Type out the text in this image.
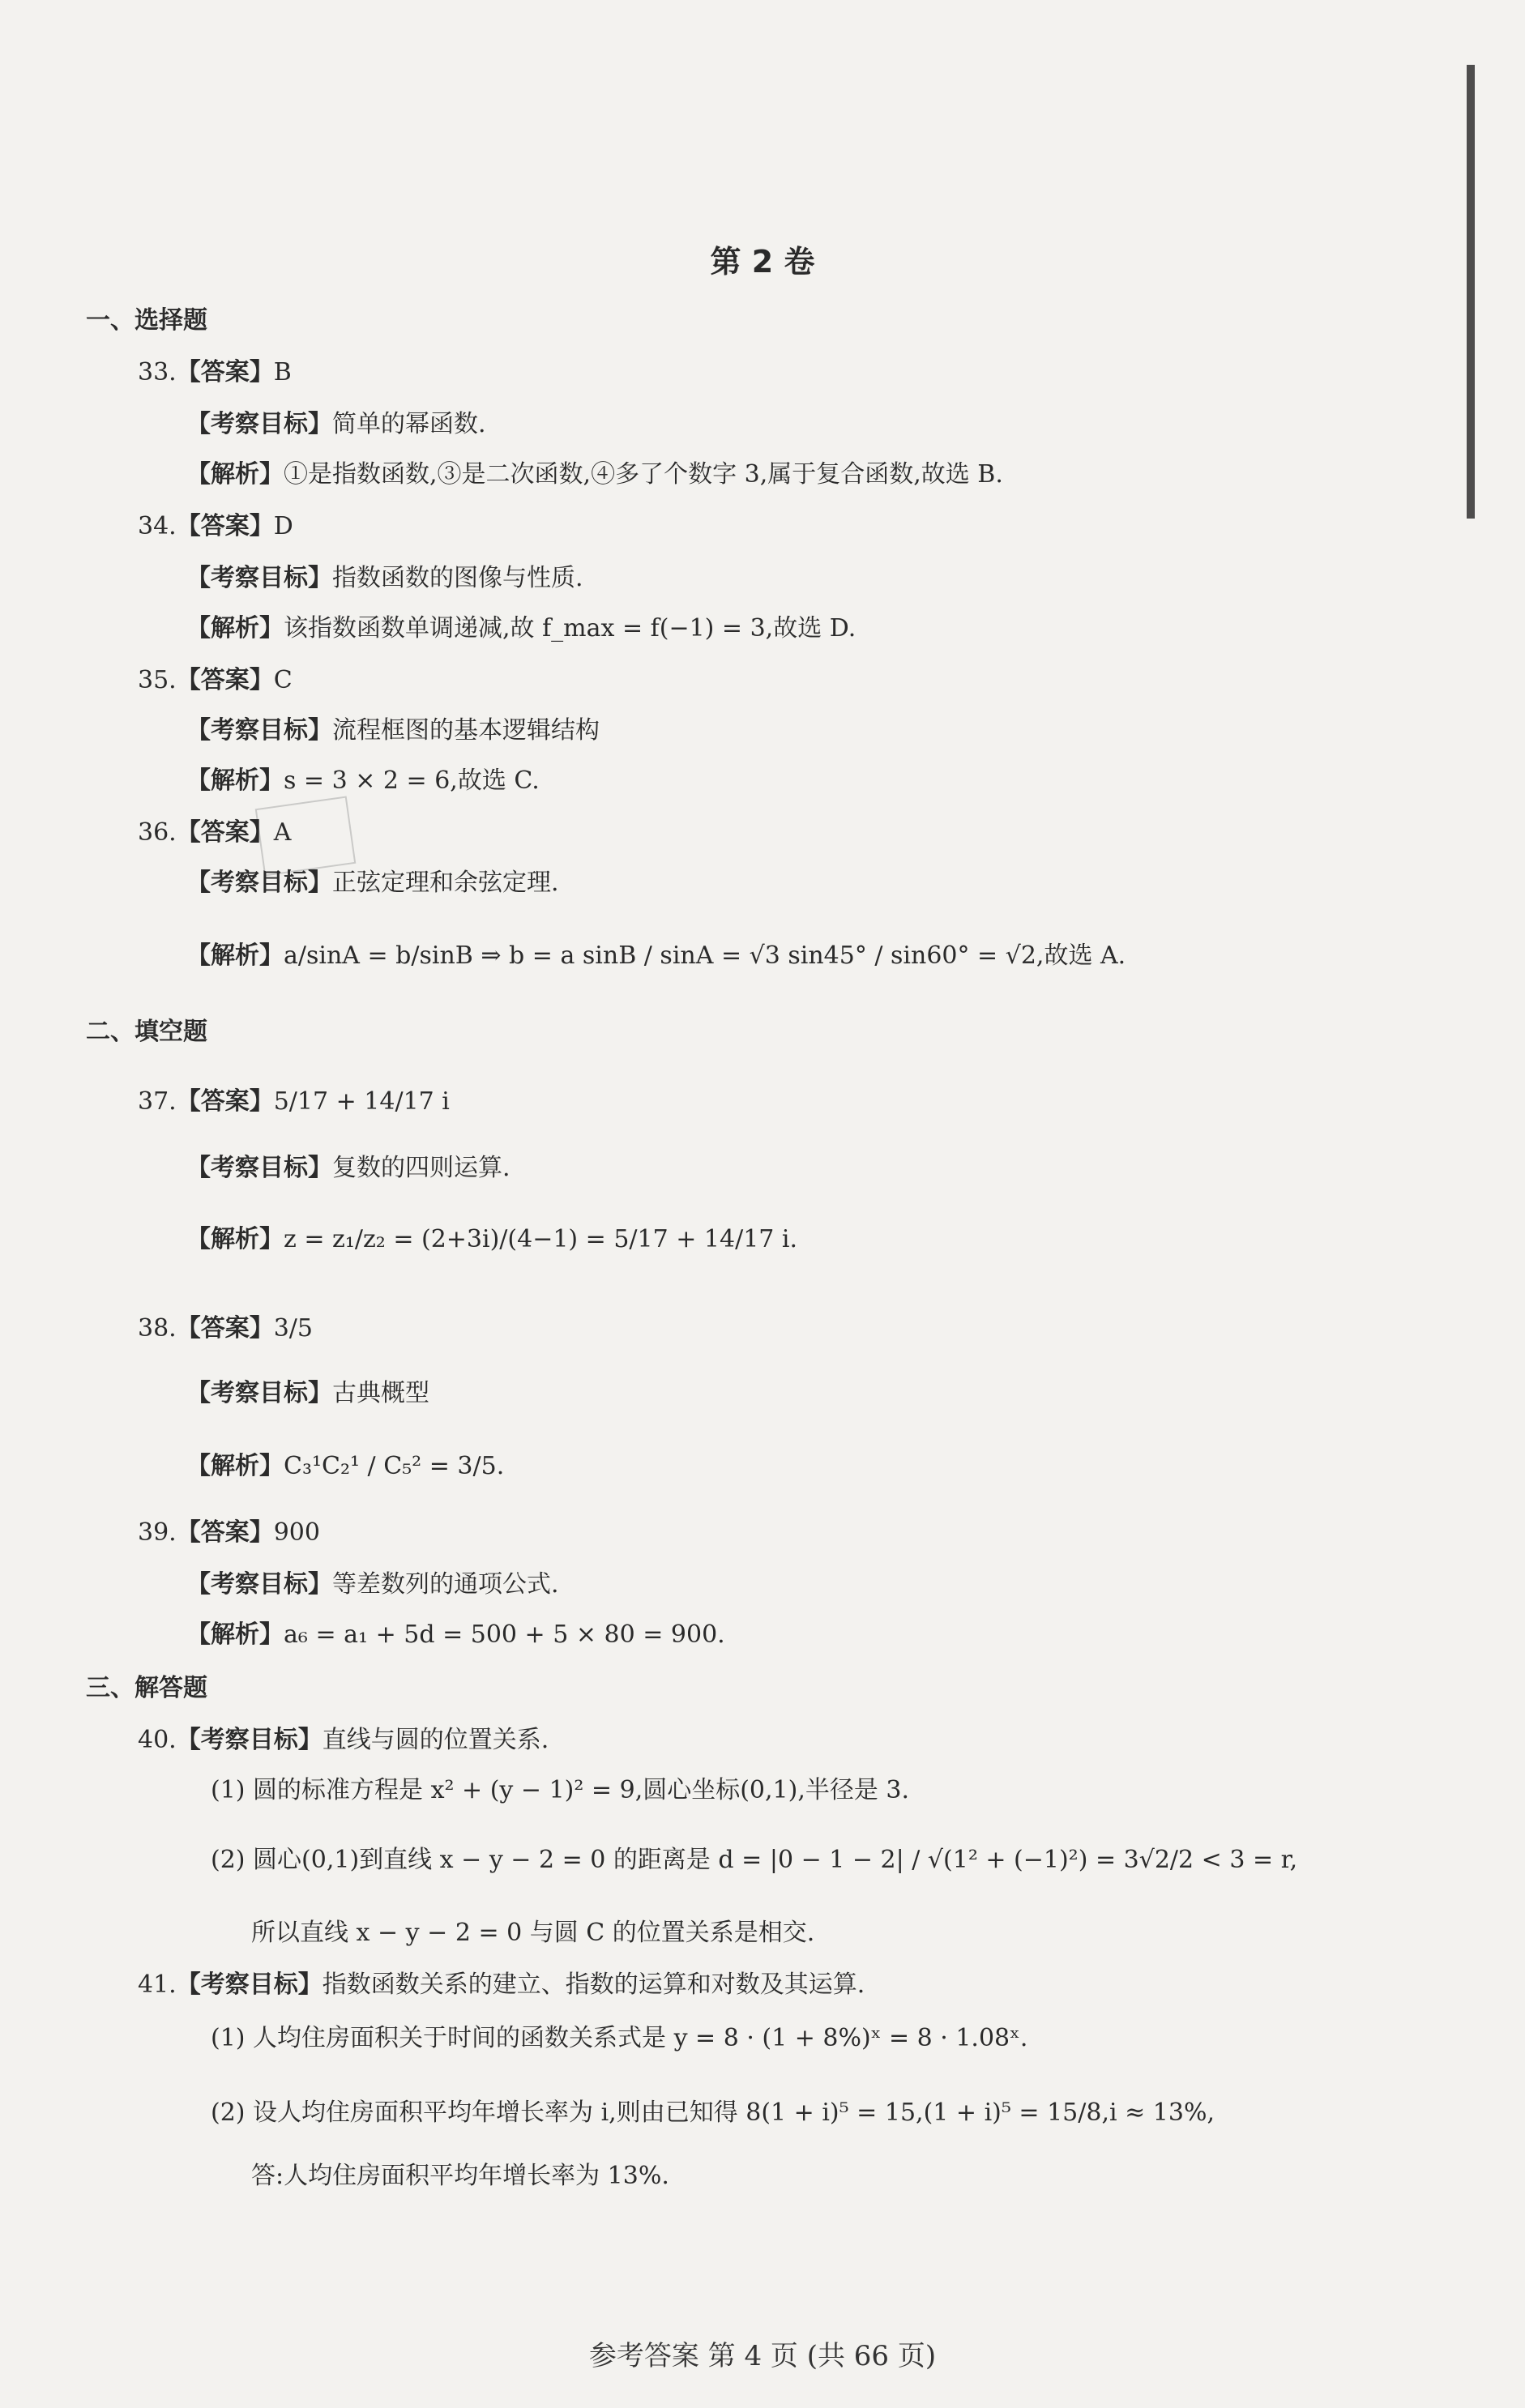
第 2 卷
一、选择题
33.【答案】B
【考察目标】简单的幂函数.
【解析】①是指数函数,③是二次函数,④多了个数字 3,属于复合函数,故选 B.
34.【答案】D
【考察目标】指数函数的图像与性质.
【解析】该指数函数单调递减,故 f_max = f(−1) = 3,故选 D.
35.【答案】C
【考察目标】流程框图的基本逻辑结构
【解析】s = 3 × 2 = 6,故选 C.
36.【答案】A
【考察目标】正弦定理和余弦定理.
【解析】a/sinA = b/sinB ⇒ b = a sinB / sinA = √3 sin45° / sin60° = √2,故选 A.
二、填空题
37.【答案】5/17 + 14/17 i
【考察目标】复数的四则运算.
【解析】z = z₁/z₂ = (2+3i)/(4−1) = 5/17 + 14/17 i.
38.【答案】3/5
【考察目标】古典概型
【解析】C₃¹C₂¹ / C₅² = 3/5.
39.【答案】900
【考察目标】等差数列的通项公式.
【解析】a₆ = a₁ + 5d = 500 + 5 × 80 = 900.
三、解答题
40.【考察目标】直线与圆的位置关系.
(1) 圆的标准方程是 x² + (y − 1)² = 9,圆心坐标(0,1),半径是 3.
(2) 圆心(0,1)到直线 x − y − 2 = 0 的距离是 d = |0 − 1 − 2| / √(1² + (−1)²) = 3√2/2 < 3 = r,
所以直线 x − y − 2 = 0 与圆 C 的位置关系是相交.
41.【考察目标】指数函数关系的建立、指数的运算和对数及其运算.
(1) 人均住房面积关于时间的函数关系式是 y = 8 · (1 + 8%)ˣ = 8 · 1.08ˣ.
(2) 设人均住房面积平均年增长率为 i,则由已知得 8(1 + i)⁵ = 15,(1 + i)⁵ = 15/8,i ≈ 13%,
答:人均住房面积平均年增长率为 13%.
参考答案 第 4 页 (共 66 页)
